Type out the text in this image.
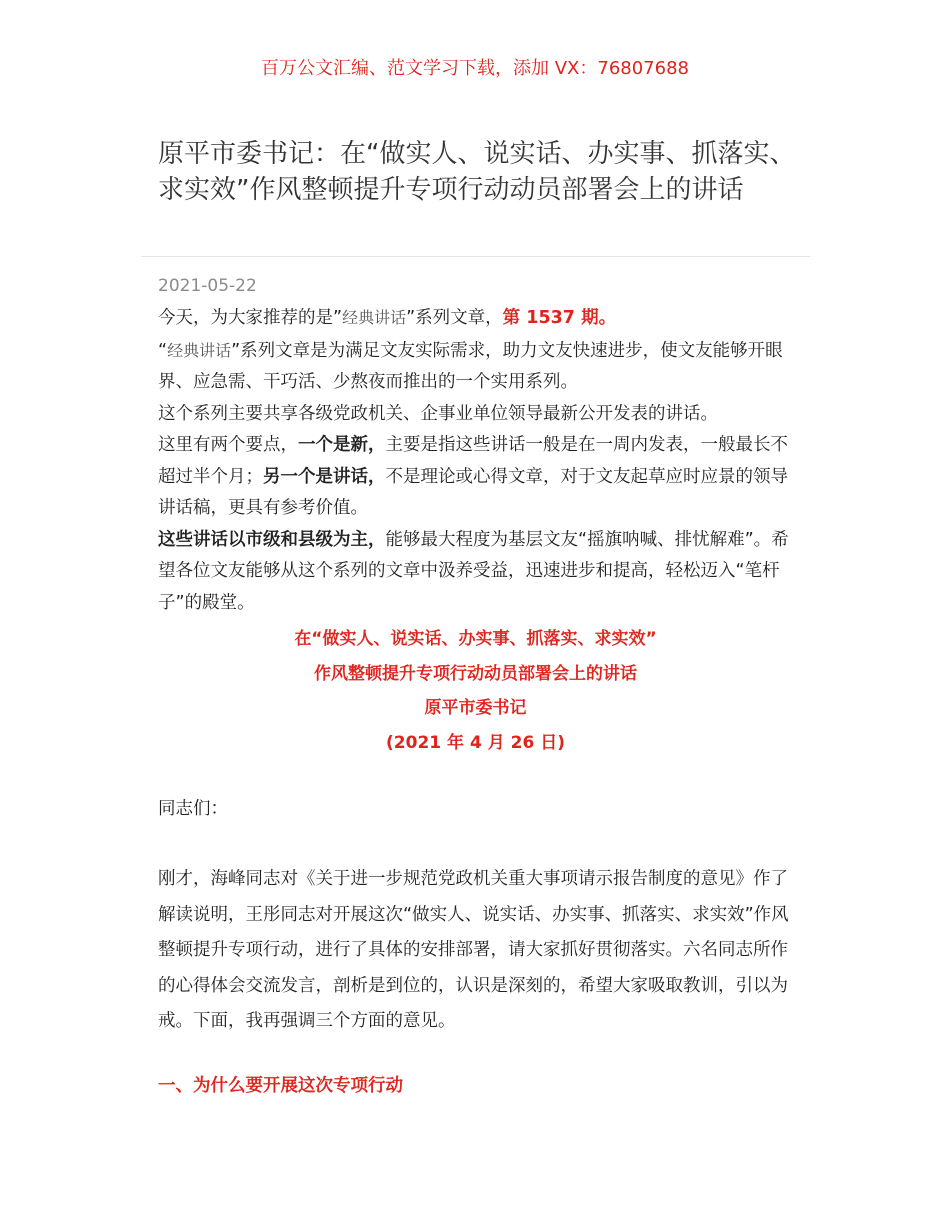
百万公文汇编、范文学习下载，添加 VX：76807688
原平市委书记：在“做实人、说实话、办实事、抓落实、求实效”作风整顿提升专项行动动员部署会上的讲话
2021-05-22

今天，为大家推荐的是”经典讲话”系列文章，第 1537 期。

“经典讲话”系列文章是为满足文友实际需求，助力文友快速进步，使文友能够开眼界、应急需、干巧活、少熬夜而推出的一个实用系列。

这个系列主要共享各级党政机关、企事业单位领导最新公开发表的讲话。

这里有两个要点，一个是新，主要是指这些讲话一般是在一周内发表，一般最长不超过半个月；另一个是讲话，不是理论或心得文章，对于文友起草应时应景的领导讲话稿，更具有参考价值。

这些讲话以市级和县级为主，能够最大程度为基层文友“摇旗呐喊、排忧解难”。希望各位文友能够从这个系列的文章中汲养受益，迅速进步和提高，轻松迈入“笔杆子”的殿堂。

在“做实人、说实话、办实事、抓落实、求实效”
作风整顿提升专项行动动员部署会上的讲话
原平市委书记
(2021 年 4 月 26 日)
同志们：

刚才，海峰同志对《关于进一步规范党政机关重大事项请示报告制度的意见》作了解读说明，王彤同志对开展这次“做实人、说实话、办实事、抓落实、求实效”作风整顿提升专项行动，进行了具体的安排部署，请大家抓好贯彻落实。六名同志所作的心得体会交流发言，剖析是到位的，认识是深刻的，希望大家吸取教训，引以为戒。下面，我再强调三个方面的意见。

一、为什么要开展这次专项行动
